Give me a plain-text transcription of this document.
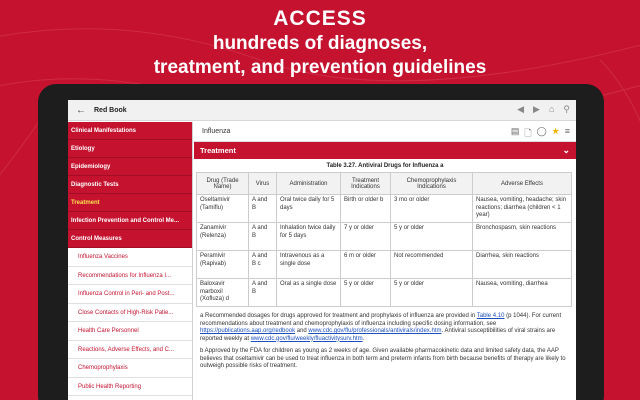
ACCESS
hundreds of diagnoses,
treatment, and prevention guidelines
←	Red Book	◀ ▶ ⌂ ⚲
Clinical Manifestations
Etiology
Epidemiology
Diagnostic Tests
Treatment
Infection Prevention and Control Me...
Control Measures
Influenza Vaccines
Recommendations for Influenza I...
Influenza Control in Peri- and Post...
Close Contacts of High-Risk Patie...
Health Care Personnel
Reactions, Adverse Effects, and C...
Chemoprophylaxis
Public Health Reporting
Influenza	▤ 🗋 ◯ ★ ≡
Treatment	⌄
Table 3.27. Antiviral Drugs for Influenza a
Drug (Trade Name)	Virus	Administration	Treatment Indications	Chemoprophylaxis Indications	Adverse Effects
Oseltamivir (Tamiflu)	A and B	Oral twice daily for 5 days	Birth or older b	3 mo or older	Nausea, vomiting, headache; skin reactions; diarrhea (children < 1 year)
Zanamivir (Relenza)	A and B	Inhalation twice daily for 5 days	7 y or older	5 y or older	Bronchospasm, skin reactions
Peramivir (Rapivab)	A and B c	Intravenous as a single dose	6 m or older	Not recommended	Diarrhea, skin reactions
Baloxavir marboxil (Xofluza) d	A and B	Oral as a single dose	5 y or older	5 y or older	Nausea, vomiting, diarrhea

a Recommended dosages for drugs approved for treatment and prophylaxis of influenza are provided in Table 4.10 (p 1044). For current recommendations about treatment and chemoprophylaxis of influenza including specific dosing information, see https://publications.aap.org/redbook and www.cdc.gov/flu/professionals/antivirals/index.htm. Antiviral susceptibilities of viral strains are reported weekly at www.cdc.gov/flu/weekly/fluactivitysurv.htm.

b Approved by the FDA for children as young as 2 weeks of age. Given available pharmacokinetic data and limited safety data, the AAP believes that oseltamivir can be used to treat influenza in both term and preterm infants from birth because benefits of therapy are likely to outweigh possible risks of treatment.
